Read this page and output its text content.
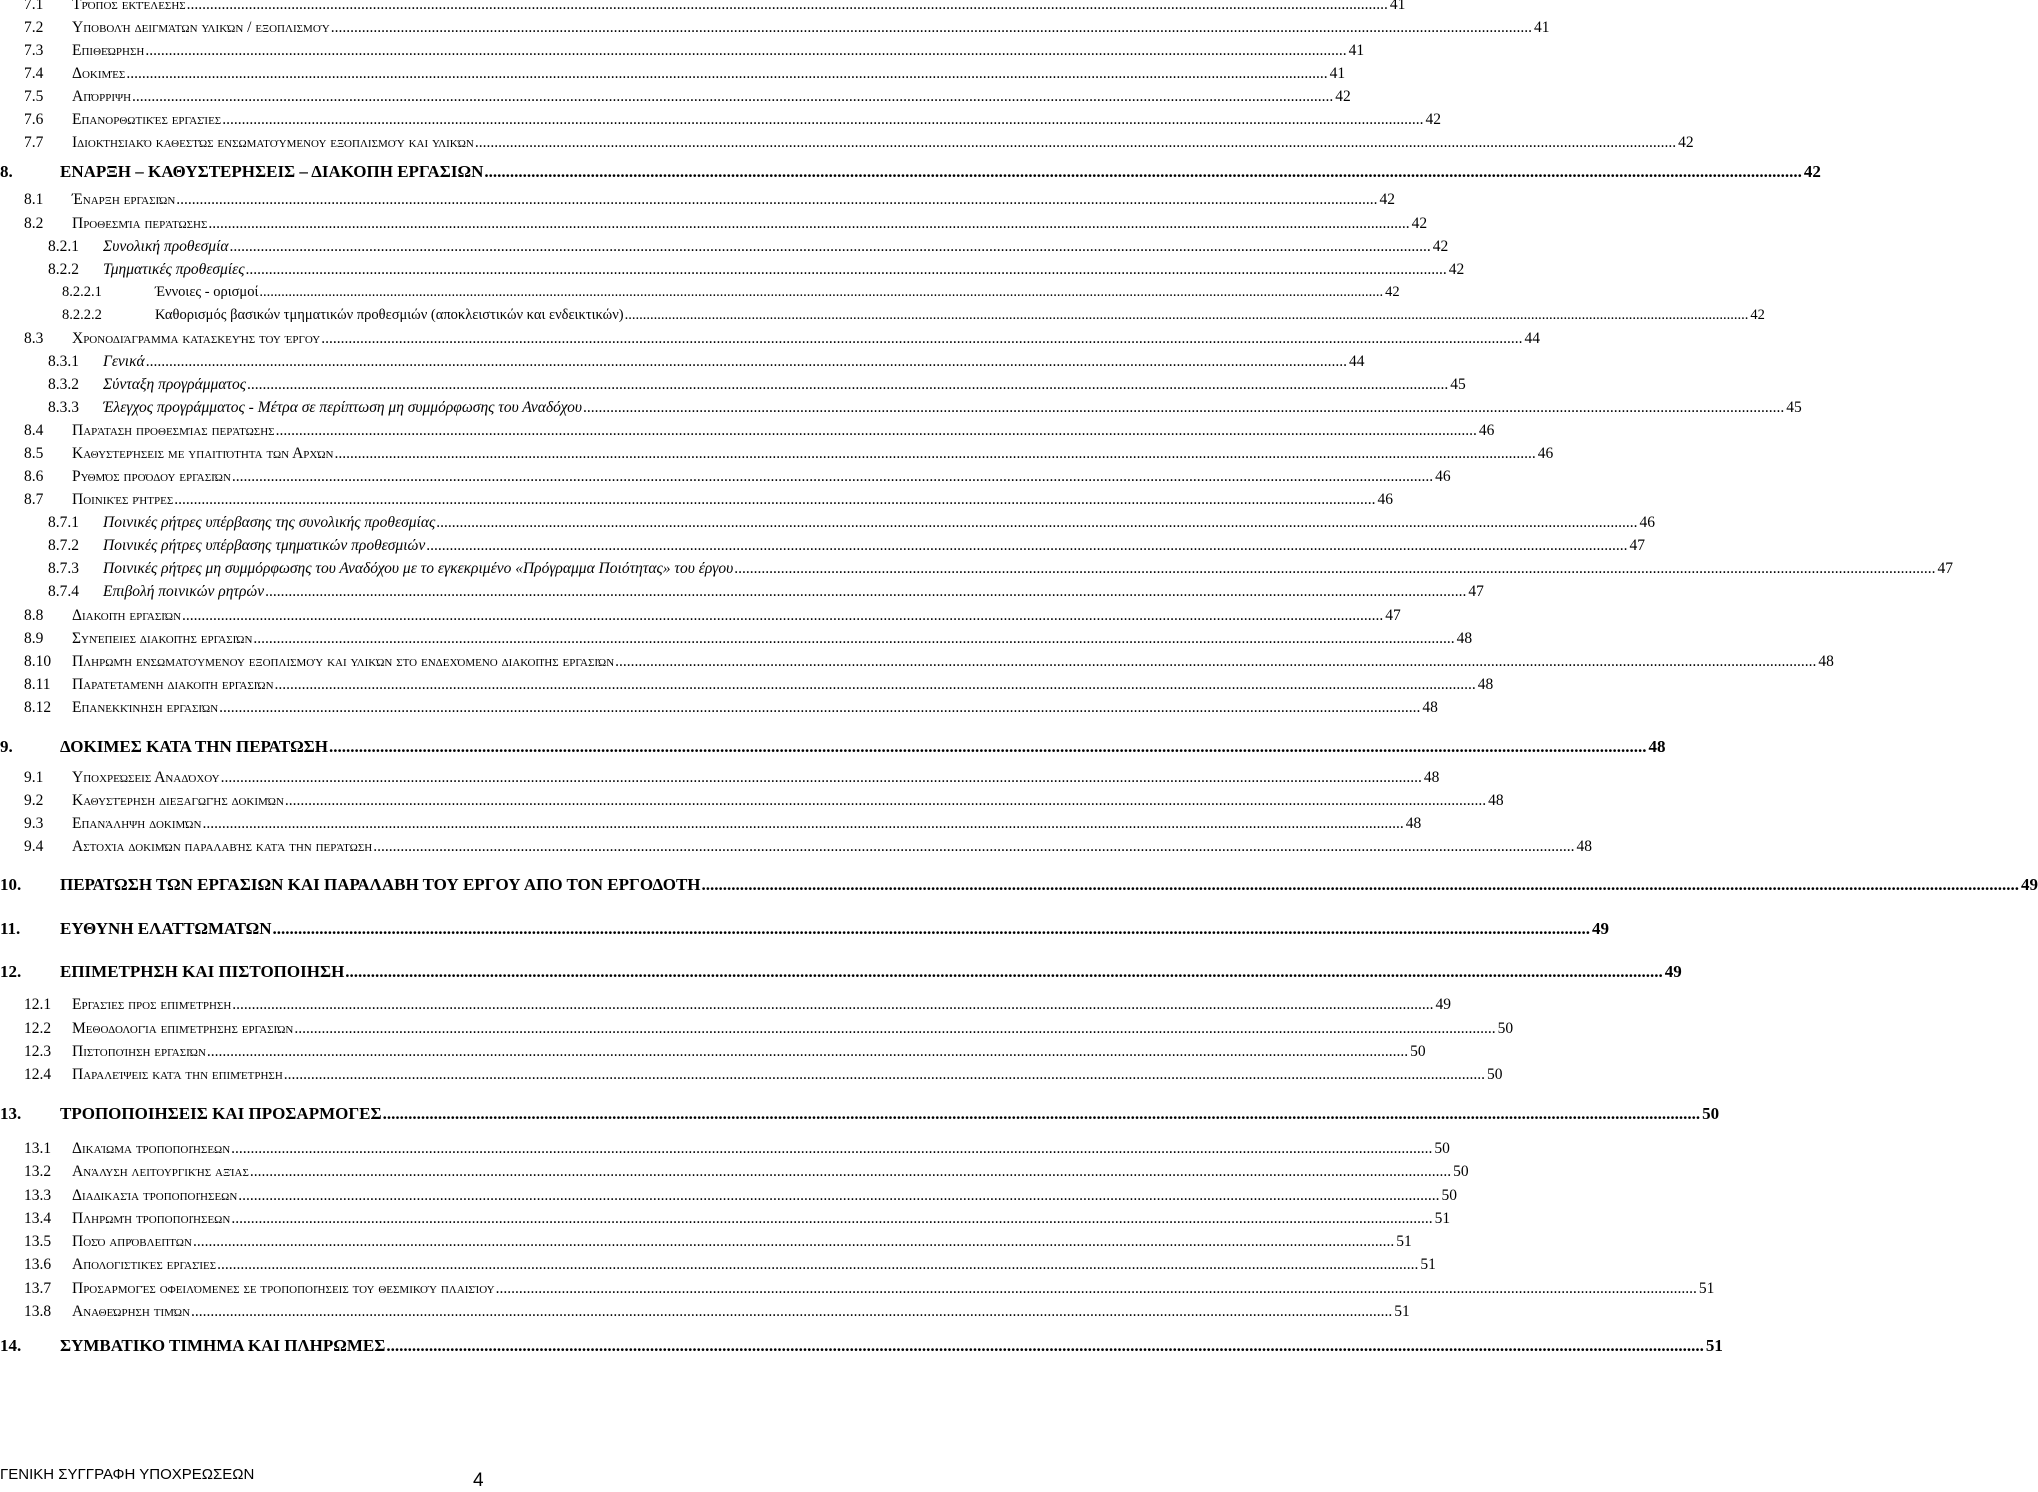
7.1	Τρόπος εκτέλεσης .....	41
7.2	Υποβολή δειγμάτων υλικών / εξοπλισμού .....	41
7.3	Επιθεώρηση .....	41
7.4	Δοκιμές .....	41
7.5	Απόρριψη .....	42
7.6	Επανορθωτικές εργασίες .....	42
7.7	Ιδιοκτησιακό καθεστώς ενσωματούμενου εξοπλισμού και υλικών .....	42
8.	ΕΝΑΡΞΗ – ΚΑΘΥΣΤΕΡΗΣΕΙΣ – ΔΙΑΚΟΠΗ ΕΡΓΑΣΙΩΝ .....	42
8.1	Έναρξη εργασιών .....	42
8.2	Προθεσμία περάτωσης .....	42
8.2.1	Συνολική προθεσμία .....	42
8.2.2	Τμηματικές προθεσμίες .....	42
8.2.2.1	Έννοιες - ορισμοί .....	42
8.2.2.2	Καθορισμός βασικών τμηματικών προθεσμιών (αποκλειστικών και ενδεικτικών) .....	42
8.3	Χρονοδιάγραμμα κατασκευής του έργου .....	44
8.3.1	Γενικά .....	44
8.3.2	Σύνταξη προγράμματος .....	45
8.3.3	Έλεγχος προγράμματος - Μέτρα σε περίπτωση μη συμμόρφωσης του Αναδόχου .....	45
8.4	Παράταση προθεσμίας περάτωσης .....	46
8.5	Καθυστερήσεις με υπαιτιότητα των Αρχών .....	46
8.6	Ρυθμός προόδου εργασιών .....	46
8.7	Ποινικές ρήτρες .....	46
8.7.1	Ποινικές ρήτρες υπέρβασης της συνολικής προθεσμίας .....	46
8.7.2	Ποινικές ρήτρες υπέρβασης τμηματικών προθεσμιών .....	47
8.7.3	Ποινικές ρήτρες μη συμμόρφωσης του Αναδόχου με το εγκεκριμένο «Πρόγραμμα Ποιότητας» του έργου .....	47
8.7.4	Επιβολή ποινικών ρητρών .....	47
8.8	Διακοπή εργασιών .....	47
8.9	Συνέπειες διακοπής εργασιών .....	48
8.10	Πληρωμή ενσωματούμενου εξοπλισμού και υλικών στο ενδεχόμενο διακοπής εργασιών .....	48
8.11	Παρατεταμένη διακοπή εργασιών .....	48
8.12	Επανεκκίνηση εργασιών .....	48
9.	ΔΟΚΙΜΕΣ ΚΑΤΑ ΤΗΝ ΠΕΡΑΤΩΣΗ .....	48
9.1	Υποχρεώσεις Αναδόχου .....	48
9.2	Καθυστέρηση διεξαγωγής δοκιμών .....	48
9.3	Επανάληψη δοκιμών .....	48
9.4	Αστοχία δοκιμών παραλαβής κατά την περάτωση .....	48
10.	ΠΕΡΑΤΩΣΗ ΤΩΝ ΕΡΓΑΣΙΩΝ ΚΑΙ ΠΑΡΑΛΑΒΗ ΤΟΥ ΕΡΓΟΥ ΑΠΟ ΤΟΝ ΕΡΓΟΔΟΤΗ .....	49
11.	ΕΥΘΥΝΗ ΕΛΑΤΤΩΜΑΤΩΝ .....	49
12.	ΕΠΙΜΕΤΡΗΣΗ ΚΑΙ ΠΙΣΤΟΠΟΙΗΣΗ .....	49
12.1	Εργασίες προς επιμέτρηση .....	49
12.2	Μεθοδολογία επιμέτρησης εργασιών .....	50
12.3	Πιστοποίηση εργασιών .....	50
12.4	Παραλείψεις κατά την επιμέτρηση .....	50
13.	ΤΡΟΠΟΠΟΙΗΣΕΙΣ ΚΑΙ ΠΡΟΣΑΡΜΟΓΕΣ .....	50
13.1	Δικαίωμα τροποποιήσεων .....	50
13.2	Ανάλυση λειτουργικής αξίας .....	50
13.3	Διαδικασία τροποποιήσεων .....	50
13.4	Πληρωμή τροποποιήσεων .....	51
13.5	Ποσό απρόβλεπτων .....	51
13.6	Απολογιστικές εργασίες .....	51
13.7	Προσαρμογές οφειλόμενες σε τροποποιήσεις του θεσμικού πλαισίου .....	51
13.8	Αναθεώρηση τιμών .....	51
14.	ΣΥΜΒΑΤΙΚΟ ΤΙΜΗΜΑ ΚΑΙ ΠΛΗΡΩΜΕΣ .....	51
ΓΕΝΙΚΗ ΣΥΓΓΡΑΦΗ ΥΠΟΧΡΕΩΣΕΩΝ	4
